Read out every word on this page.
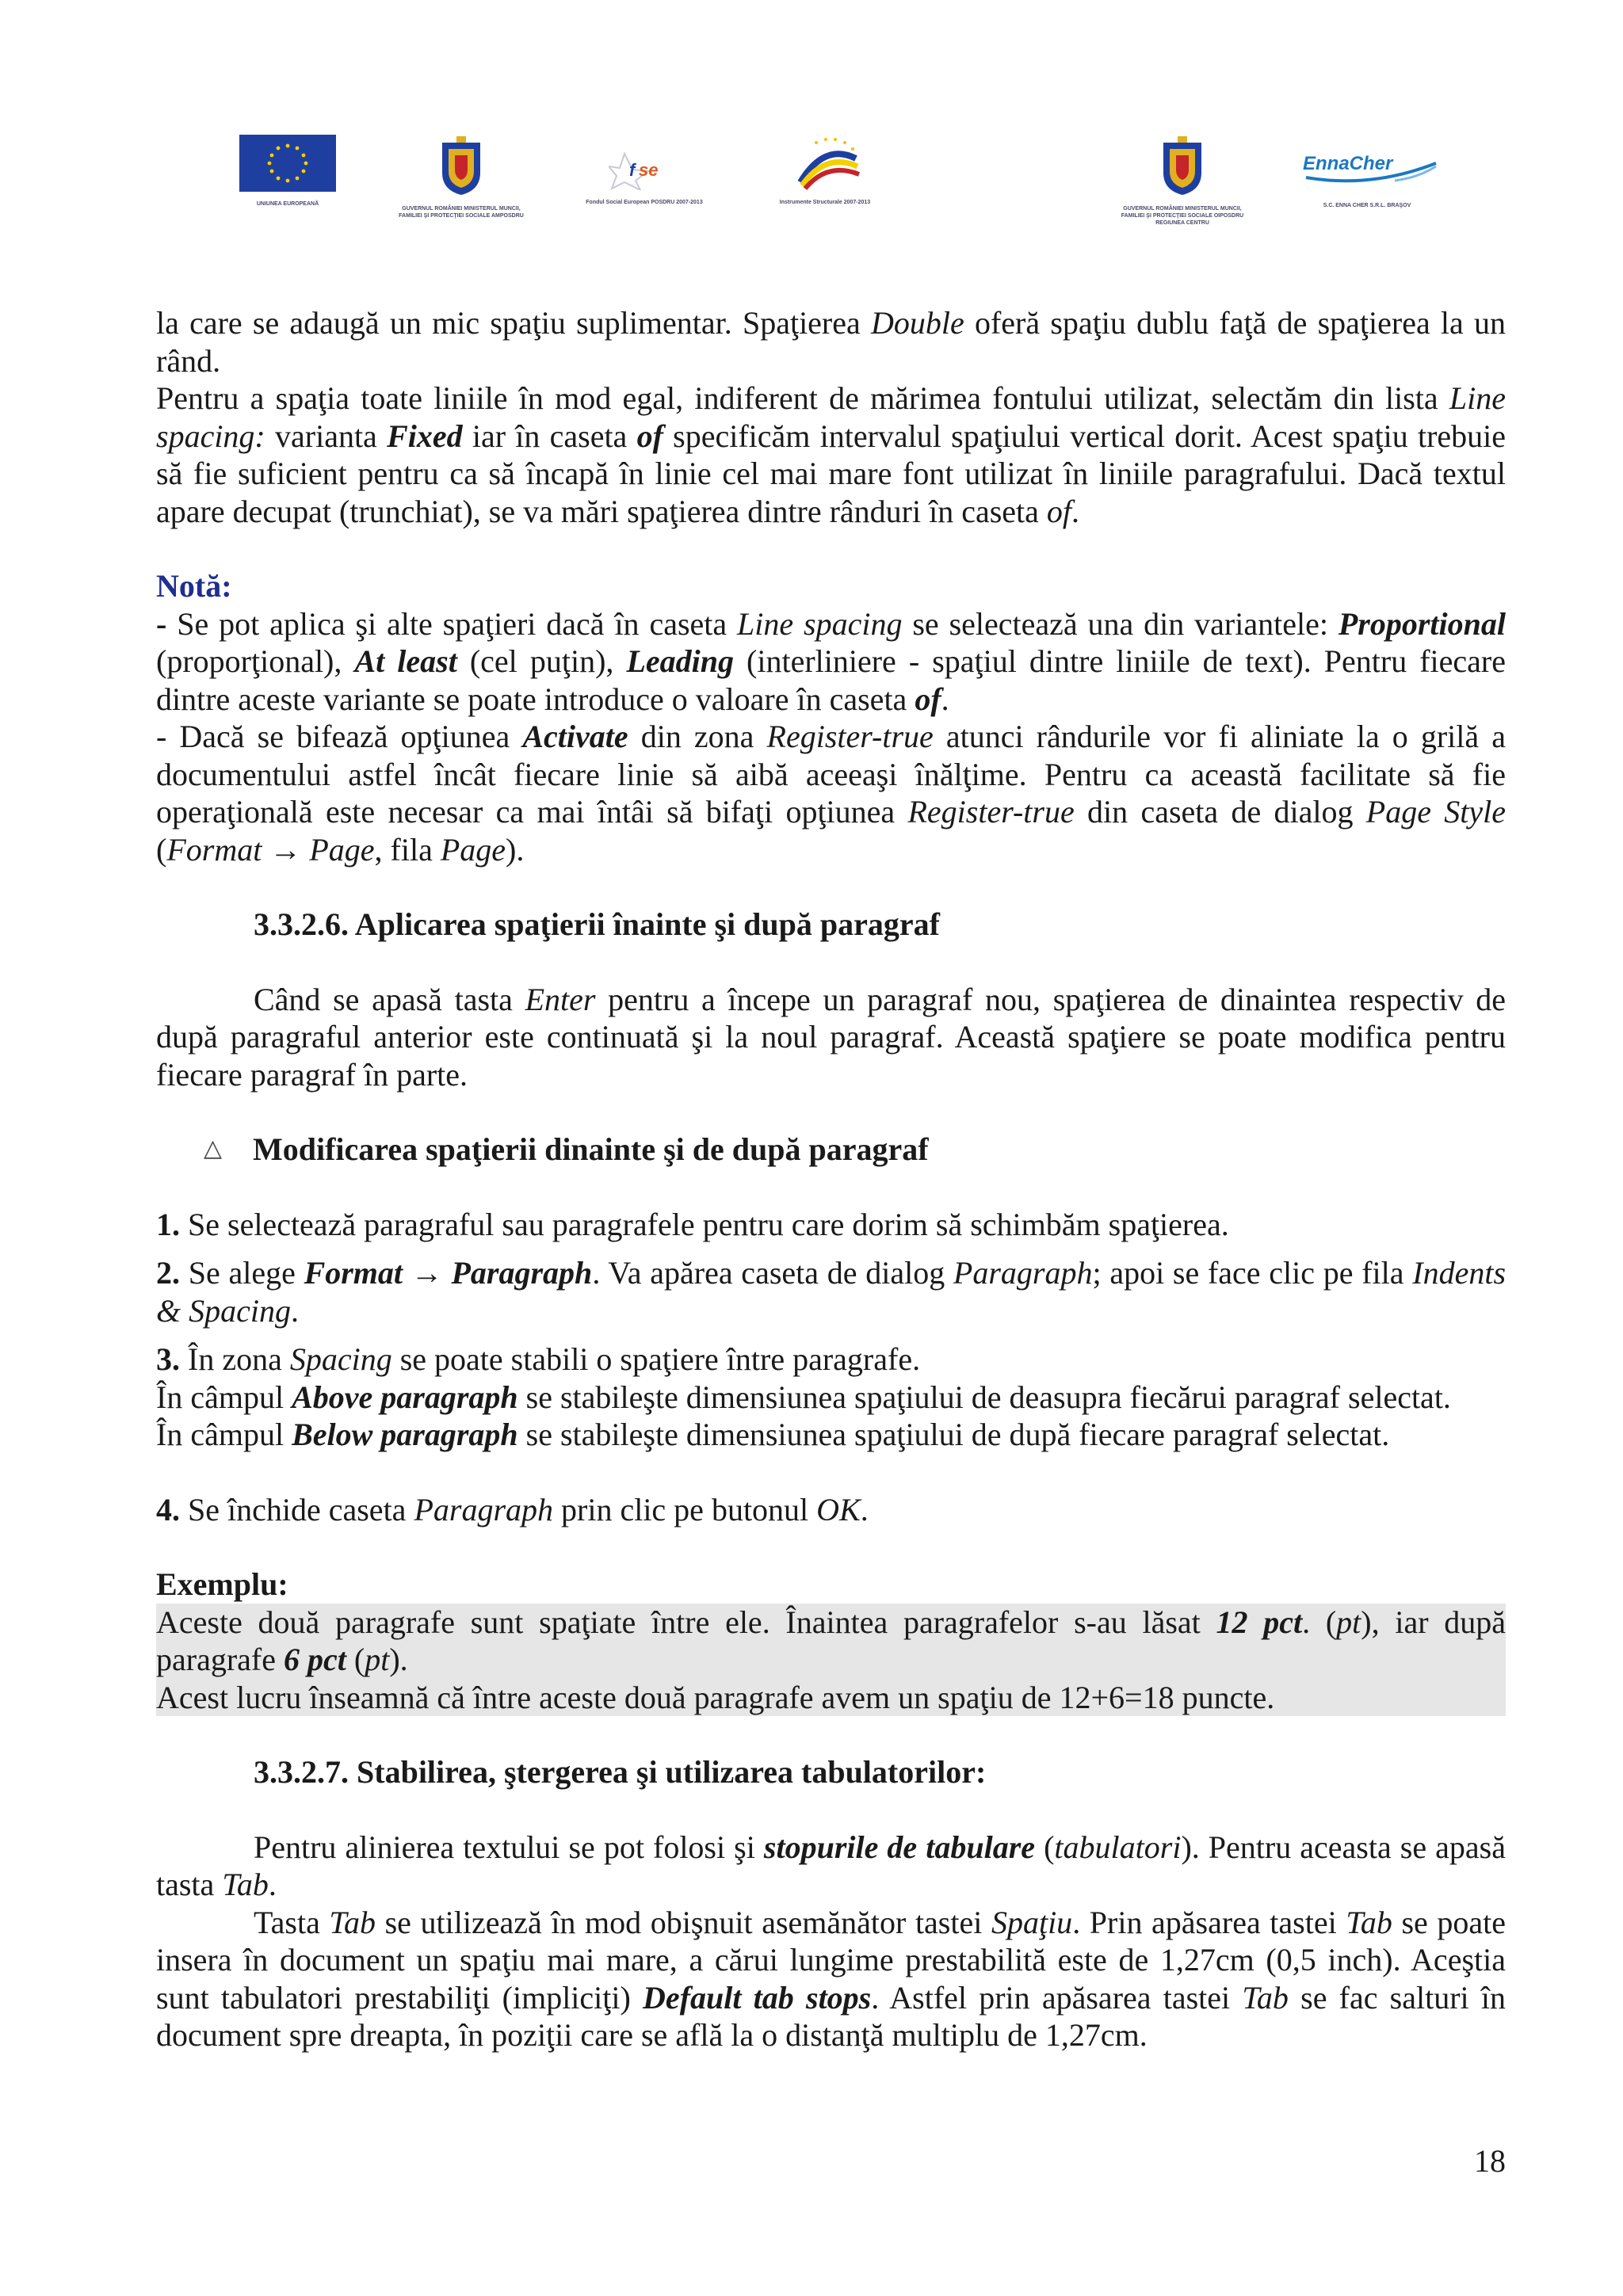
UNIUNEA EUROPEANĂ
GUVERNUL ROMÂNIEI MINISTERUL MUNCII, FAMILIEI ŞI PROTECŢIEI SOCIALE AMPOSDRU
f se
Fondul Social European POSDRU 2007-2013	Instrumente Structurale 2007-2013
GUVERNUL ROMÂNIEI MINISTERUL MUNCII, FAMILIEI ŞI PROTECŢIEI SOCIALE OIPOSDRU REGIUNEA CENTRU
EnnaCher
S.C. ENNA CHER S.R.L. BRAŞOV

la care se adaugă un mic spaţiu suplimentar. Spaţierea Double oferă spaţiu dublu faţă de spaţierea la un rând.

Pentru a spaţia toate liniile în mod egal, indiferent de mărimea fontului utilizat, selectăm din lista Line spacing: varianta Fixed iar în caseta of specificăm intervalul spaţiului vertical dorit. Acest spaţiu trebuie să fie suficient pentru ca să încapă în linie cel mai mare font utilizat în liniile paragrafului. Dacă textul apare decupat (trunchiat), se va mări spaţierea dintre rânduri în caseta of.

Notă:

- Se pot aplica şi alte spaţieri dacă în caseta Line spacing se selectează una din variantele: Proportional (proporţional), At least (cel puţin), Leading (interliniere - spaţiul dintre liniile de text). Pentru fiecare dintre aceste variante se poate introduce o valoare în caseta of.

- Dacă se bifează opţiunea Activate din zona Register-true atunci rândurile vor fi aliniate la o grilă a documentului astfel încât fiecare linie să aibă aceeaşi înălţime. Pentru ca această facilitate să fie operaţională este necesar ca mai întâi să bifaţi opţiunea Register-true din caseta de dialog Page Style (Format → Page, fila Page).

3.3.2.6. Aplicarea spaţierii înainte şi după paragraf

Când se apasă tasta Enter pentru a începe un paragraf nou, spaţierea de dinaintea respectiv de după paragraful anterior este continuată şi la noul paragraf. Această spaţiere se poate modifica pentru fiecare paragraf în parte.

△ Modificarea spaţierii dinainte şi de după paragraf

1. Se selectează paragraful sau paragrafele pentru care dorim să schimbăm spaţierea.

2. Se alege Format → Paragraph. Va apărea caseta de dialog Paragraph; apoi se face clic pe fila Indents & Spacing.

3. În zona Spacing se poate stabili o spaţiere între paragrafe.

În câmpul Above paragraph se stabileşte dimensiunea spaţiului de deasupra fiecărui paragraf selectat.

În câmpul Below paragraph se stabileşte dimensiunea spaţiului de după fiecare paragraf selectat.

4. Se închide caseta Paragraph prin clic pe butonul OK.

Exemplu:

Aceste două paragrafe sunt spaţiate între ele. Înaintea paragrafelor s-au lăsat 12 pct. (pt), iar după paragrafe 6 pct (pt).

Acest lucru înseamnă că între aceste două paragrafe avem un spaţiu de 12+6=18 puncte.

3.3.2.7. Stabilirea, ştergerea şi utilizarea tabulatorilor:

Pentru alinierea textului se pot folosi şi stopurile de tabulare (tabulatori). Pentru aceasta se apasă tasta Tab.

Tasta Tab se utilizează în mod obişnuit asemănător tastei Spaţiu. Prin apăsarea tastei Tab se poate insera în document un spaţiu mai mare, a cărui lungime prestabilită este de 1,27cm (0,5 inch). Aceştia sunt tabulatori prestabiliţi (impliciţi) Default tab stops. Astfel prin apăsarea tastei Tab se fac salturi în document spre dreapta, în poziţii care se află la o distanţă multiplu de 1,27cm.

18
